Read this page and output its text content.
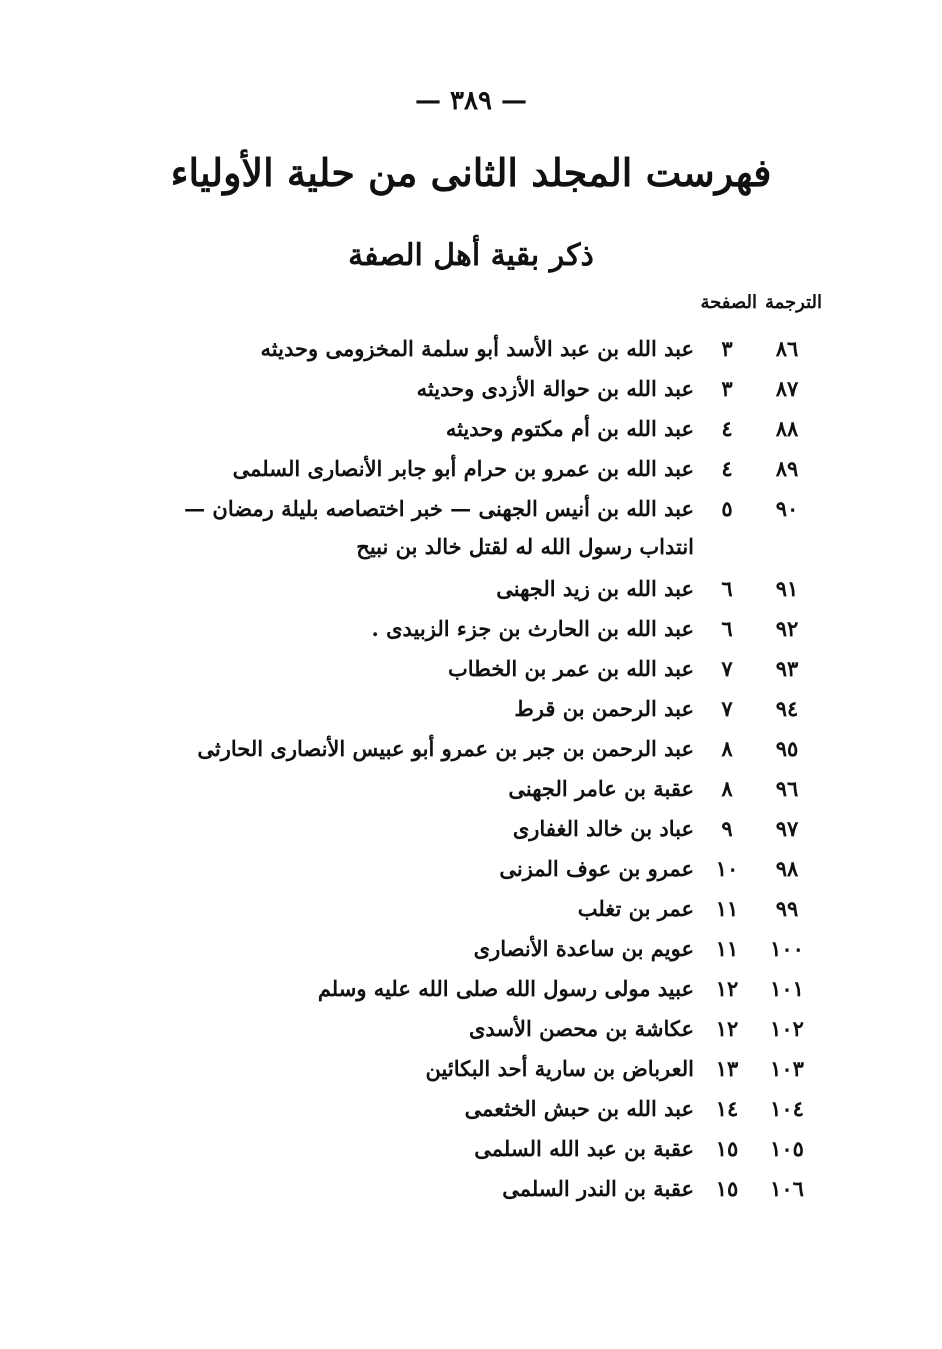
— ٣٨٩ —
فهرست المجلد الثانى من حلية الأولياء
ذكر بقية أهل الصفة
الترجمة
الصفحة
٨٦
٣
عبد الله بن عبد الأسد أبو سلمة المخزومى وحديثه
٨٧
٣
عبد الله بن حوالة الأزدى وحديثه
٨٨
٤
عبد الله بن أم مكتوم وحديثه
٨٩
٤
عبد الله بن عمرو بن حرام أبو جابر الأنصارى السلمى
٩٠
٥
عبد الله بن أنيس الجهنى — خبر اختصاصه بليلة رمضان —
انتداب رسول الله له لقتل خالد بن نبيح
٩١
٦
عبد الله بن زيد الجهنى
٩٢
٦
عبد الله بن الحارث بن جزء الزبيدى .
٩٣
٧
عبد الله بن عمر بن الخطاب
٩٤
٧
عبد الرحمن بن قرط
٩٥
٨
عبد الرحمن بن جبر بن عمرو أبو عبيس الأنصارى الحارثى
٩٦
٨
عقبة بن عامر الجهنى
٩٧
٩
عباد بن خالد الغفارى
٩٨
١٠
عمرو بن عوف المزنى
٩٩
١١
عمر بن تغلب
١٠٠
١١
عويم بن ساعدة الأنصارى
١٠١
١٢
عبيد مولى رسول الله صلى الله عليه وسلم
١٠٢
١٢
عكاشة بن محصن الأسدى
١٠٣
١٣
العرباض بن سارية أحد البكائين
١٠٤
١٤
عبد الله بن حبش الخثعمى
١٠٥
١٥
عقبة بن عبد الله السلمى
١٠٦
١٥
عقبة بن الندر السلمى
